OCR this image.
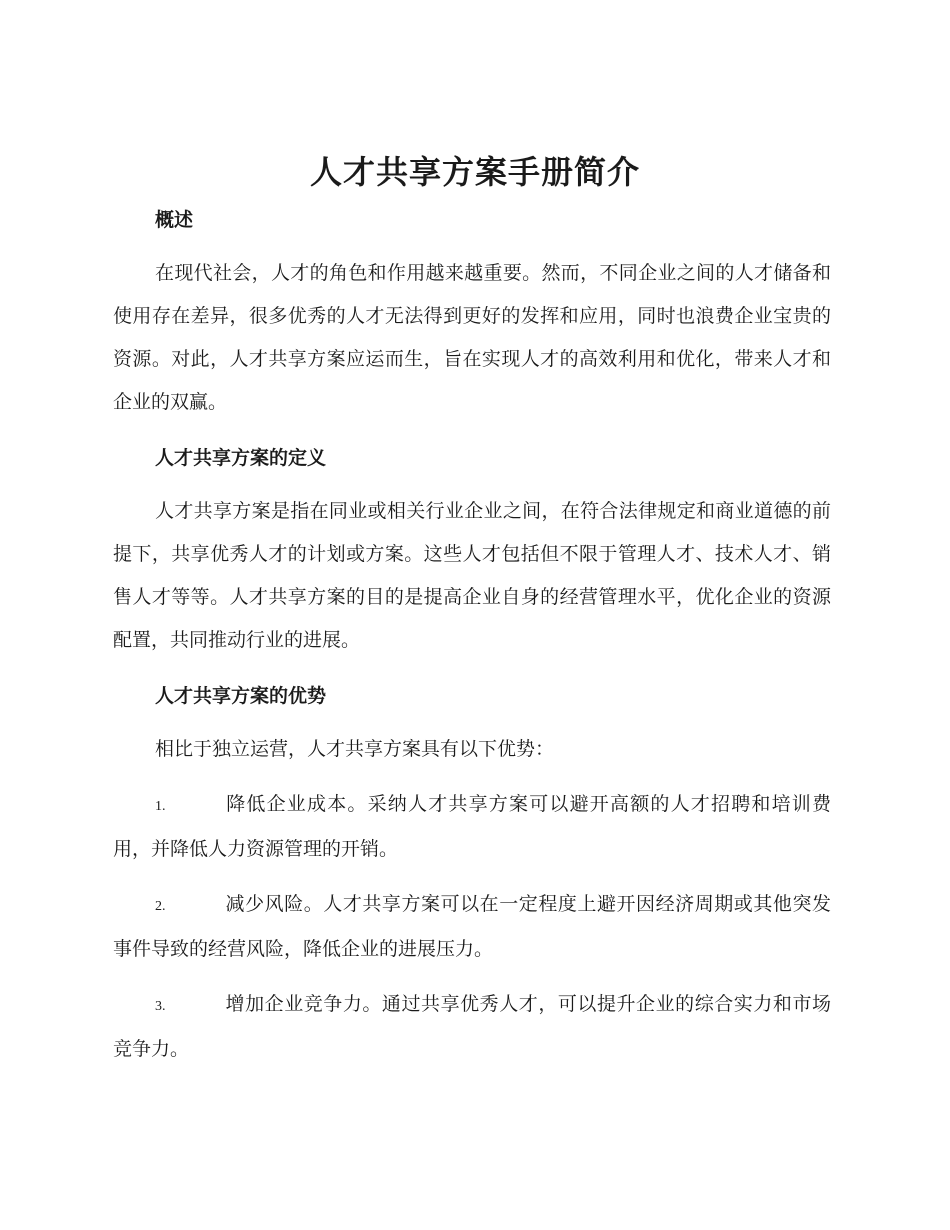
人才共享方案手册简介
概述

在现代社会，人才的角色和作用越来越重要。然而，不同企业之间的人才储备和使用存在差异，很多优秀的人才无法得到更好的发挥和应用，同时也浪费企业宝贵的资源。对此，人才共享方案应运而生，旨在实现人才的高效利用和优化，带来人才和企业的双赢。

人才共享方案的定义

人才共享方案是指在同业或相关行业企业之间，在符合法律规定和商业道德的前提下，共享优秀人才的计划或方案。这些人才包括但不限于管理人才、技术人才、销售人才等等。人才共享方案的目的是提高企业自身的经营管理水平，优化企业的资源配置，共同推动行业的进展。

人才共享方案的优势

相比于独立运营，人才共享方案具有以下优势：

1.	降低企业成本。采纳人才共享方案可以避开高额的人才招聘和培训费用，并降低人力资源管理的开销。

2.	减少风险。人才共享方案可以在一定程度上避开因经济周期或其他突发事件导致的经营风险，降低企业的进展压力。

3.	增加企业竞争力。通过共享优秀人才，可以提升企业的综合实力和市场竞争力。
